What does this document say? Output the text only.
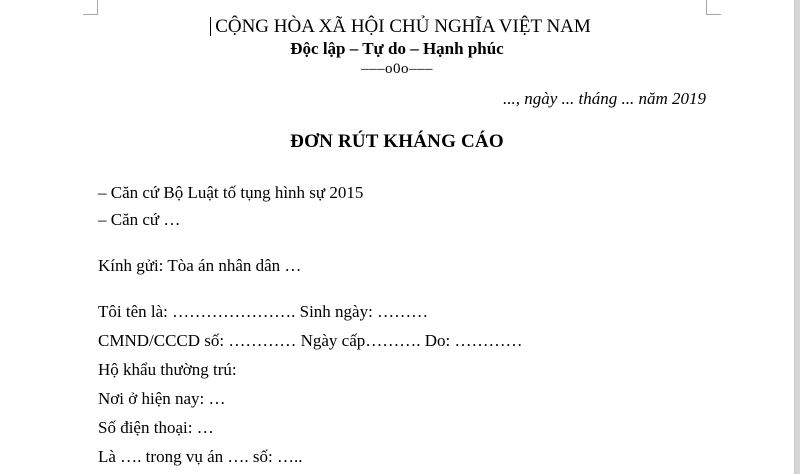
CỘNG HÒA XÃ HỘI CHỦ NGHĨA VIỆT NAM
Độc lập – Tự do – Hạnh phúc
–––o0o–––
..., ngày ... tháng ... năm 2019
ĐƠN RÚT KHÁNG CÁO
– Căn cứ Bộ Luật tố tụng hình sự 2015
– Căn cứ …
Kính gửi: Tòa án nhân dân …
Tôi tên là: …………………. Sinh ngày: ………
CMND/CCCD số: ………… Ngày cấp………. Do: …………
Hộ khẩu thường trú:
Nơi ở hiện nay: …
Số điện thoại: …
Là …. trong vụ án …. số: …..
